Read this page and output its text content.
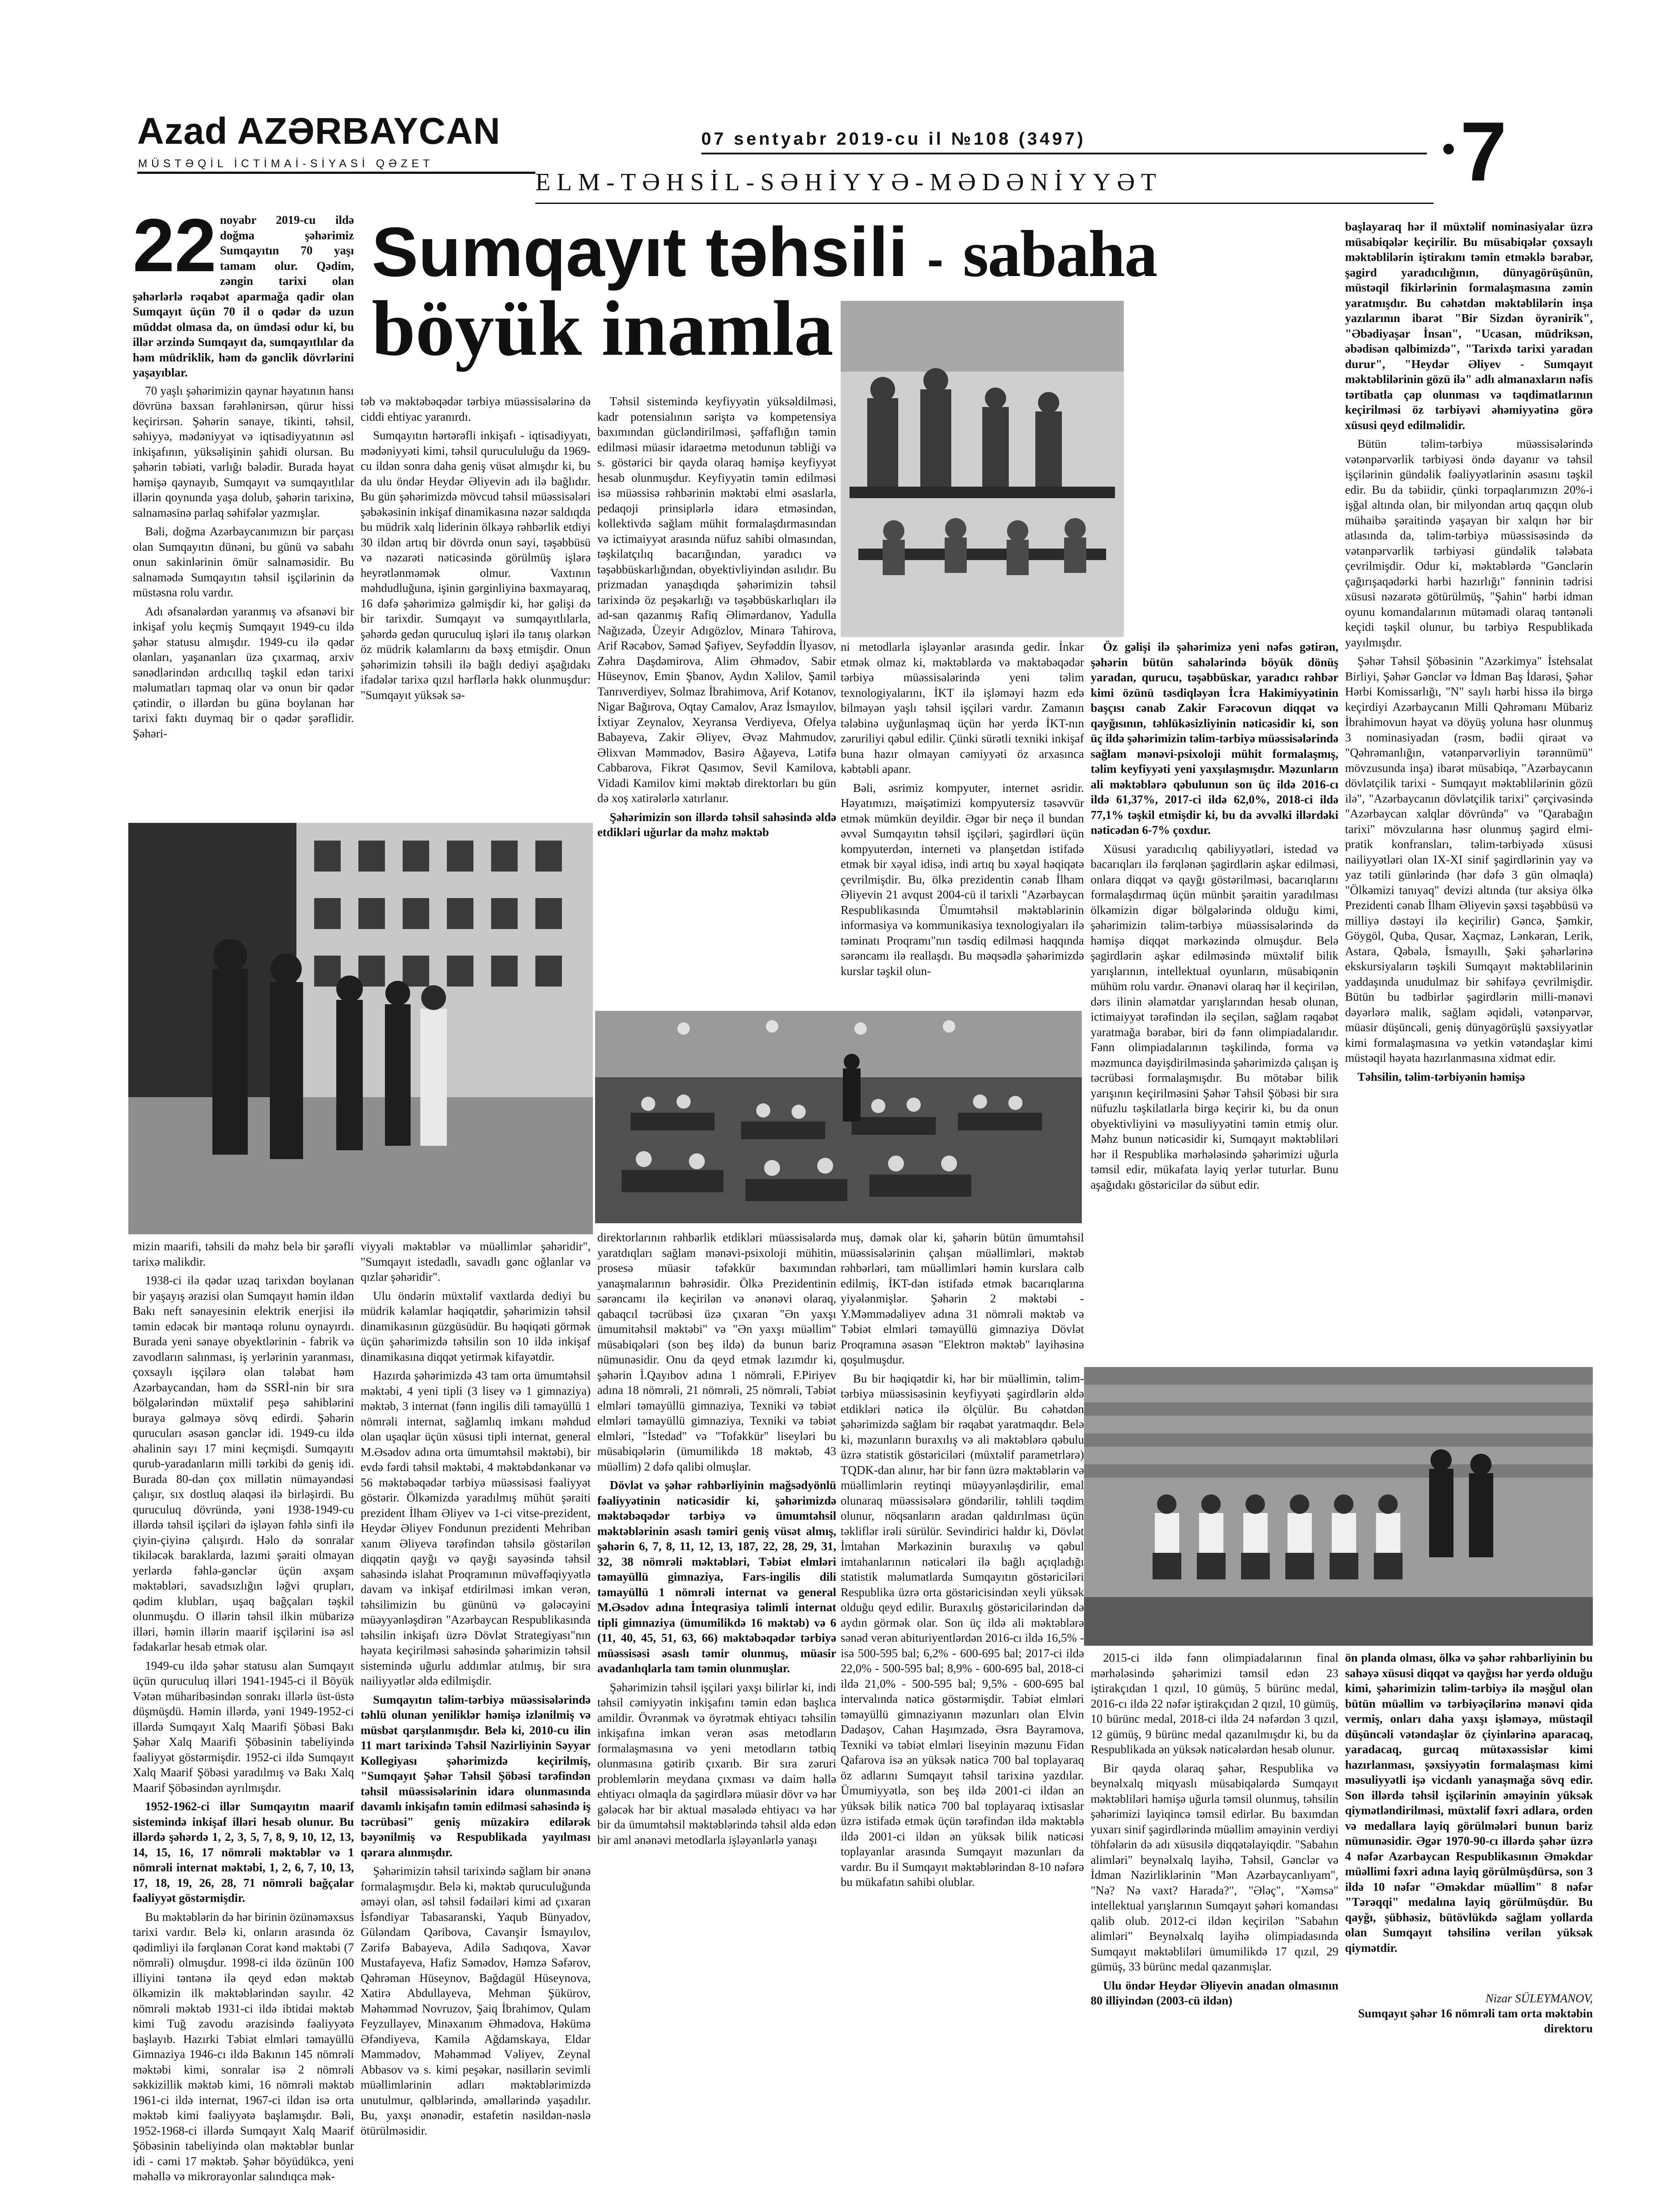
Azad AZƏRBAYCAN
MÜSTƏQİL İCTİMAİ-SİYASİ QƏZET
07 sentyabr 2019-cu il №108 (3497)	7
ELM-TƏHSİL-SƏHİYYƏ-MƏDƏNİYYƏT
Sumqayıt təhsili - sabaha
böyük inamla

22 noyabr 2019-cu ildə doğma şəhərimiz Sumqayıtın 70 yaşı tamam olur. Qədim, zəngin tarixi olan şəhərlərlə rəqabət aparmağa qadir olan Sumqayıt üçün 70 il o qədər də uzun müddət olmasa da, on ümdəsi odur ki, bu illər ərzində Sumqayıt da, sumqayıtlılar da həm müdriklik, həm də gənclik dövrlərini yaşayıblar.

70 yaşlı şəhərimizin qaynar həyatının hansı dövrünə baxsan fərəhlənirsən, qürur hissi keçirirsən. Şəhərin sənaye, tikinti, təhsil, səhiyyə, mədəniyyət və iqtisadiyyatının əsl inkişafının, yüksəlişinin şahidi olursan. Bu şəhərin təbiəti, varlığı bələdir. Burada həyat həmişə qaynayıb, Sumqayıt və sumqayıtlılar illərin qoynunda yaşa dolub, şəhərin tarixinə, salnaməsinə parlaq səhifələr yazmışlar.

Bəli, doğma Azərbaycanımızın bir parçası olan Sumqayıtın dünəni, bu günü və sabahı onun sakinlərinin ömür salnaməsidir. Bu salnamədə Sumqayıtın təhsil işçilərinin də müstəsna rolu vardır.

Adı əfsanələrdən yaranmış və əfsanəvi bir inkişaf yolu keçmiş Sumqayıt 1949-cu ildə şəhər statusu almışdır. 1949-cu ilə qədər olanları, yaşananları üzə çıxarmaq, arxiv sənədlərindən ardıcıllıq təşkil edən tarixi məlumatları tapmaq olar və onun bir qədər çətindir, o illərdən bu günə boylanan hər tarixi faktı duymaq bir o qədər şərəflidir. Şəhəri-

mizin maarifi, təhsili də məhz belə bir şərəfli tarixə malikdir.

1938-ci ilə qədər uzaq tarixdən boylanan bir yaşayış ərazisi olan Sumqayıt həmin ildən Bakı neft sənayesinin elektrik enerjisi ilə təmin edəcək bir məntəqə rolunu oynayırdı. Burada yeni sənaye obyektlərinin - fabrik və zavodların salınması, iş yerlərinin yaranması, çoxsaylı işçilərə olan tələbat həm Azərbaycandan, həm də SSRİ-nin bir sıra bölgələrindən müxtəlif peşə sahiblərini buraya gəlməyə sövq edirdi. Şəhərin qurucuları əsasən gənclər idi. 1949-cu ildə əhalinin sayı 17 mini keçmişdi. Sumqayıtı qurub-yaradanların milli tərkibi də geniş idi. Burada 80-dən çox millətin nümayəndəsi çalışır, sıx dostluq əlaqəsi ilə birləşirdi. Bu quruculuq dövründə, yəni 1938-1949-cu illərdə təhsil işçiləri də işləyən fəhlə sinfi ilə çiyin-çiyinə çalışırdı. Həlo də sonralar tikiləcək baraklarda, lazımi şəraiti olmayan yerlərdə fəhlə-gənclər üçün axşam məktəbləri, savadsızlığın ləğvi qrupları, qədim klubları, uşaq bağçaları təşkil olunmuşdu. O illərin təhsil ilkin mübarizə illəri, həmin illərin maarif işçilərini isə əsl fədakarlar hesab etmək olar.

1949-cu ildə şəhər statusu alan Sumqayıt üçün quruculuq illəri 1941-1945-ci il Böyük Vətən müharibəsindən sonrakı illərlə üst-üstə düşmüşdü. Həmin illərdə, yəni 1949-1952-ci illərdə Sumqayıt Xalq Maarifi Şöbəsi Bakı Şəhər Xalq Maarifi Şöbəsinin tabeliyində fəaliyyət göstərmişdir. 1952-ci ildə Sumqayıt Xalq Maarif Şöbəsi yaradılmış və Bakı Xalq Maarif Şöbəsindən ayrılmışdır.

1952-1962-ci illər Sumqayıtın maarif sistemində inkişaf illəri hesab olunur. Bu illərdə şəhərdə 1, 2, 3, 5, 7, 8, 9, 10, 12, 13, 14, 15, 16, 17 nömrəli məktəblər və 1 nömrəli internat məktəbi, 1, 2, 6, 7, 10, 13, 17, 18, 19, 26, 28, 71 nömrəli bağçalar fəaliyyət göstərmişdir.

Bu məktəblərin də hər birinin özünəməxsus tarixi vardır. Belə ki, onların arasında öz qədimliyi ilə fərqlənən Corat kənd məktəbi (7 nömrəli) olmuşdur. 1998-ci ildə özünün 100 illiyini təntənə ilə qeyd edən məktəb ölkəmizin ilk məktəblərindən sayılır. 42 nömrəli məktəb 1931-ci ildə ibtidai məktəb kimi Tuğ zavodu ərazisində fəaliyyətə başlayıb. Hazırki Təbiət elmləri təmayüllü Gimnaziya 1946-cı ildə Bakının 145 nömrəli məktəbi kimi, sonralar isə 2 nömrəli səkkizillik məktəb kimi, 16 nömrəli məktəb 1961-ci ildə internat, 1967-ci ildən isə orta məktəb kimi fəaliyyətə başlamışdır. Bəli, 1952-1968-ci illərdə Sumqayıt Xalq Maarif Şöbəsinin tabeliyində olan məktəblər bunlar idi - cəmi 17 məktəb. Şəhər böyüdükcə, yeni məhəllə və mikrorayonlar salındıqca mək-

təb və məktəbəqədər tərbiyə müəssisələrinə də ciddi ehtiyac yaranırdı.

Sumqayıtın hərtərəfli inkişafı - iqtisadiyyatı, mədəniyyəti kimi, təhsil qurucululuğu da 1969-cu ildən sonra daha geniş vüsət almışdır ki, bu da ulu öndər Heydər Əliyevin adı ilə bağlıdır. Bu gün şəhərimizdə mövcud təhsil müəssisələri şəbəkəsinin inkişaf dinamikasına nəzər saldıqda bu müdrik xalq liderinin ölkəyə rəhbərlik etdiyi 30 ildən artıq bir dövrdə onun səyi, təşəbbüsü və nəzarəti nəticəsində görülmüş işlərə heyrətlənməmək olmur. Vaxtının məhdudluğuna, işinin gərginliyinə baxmayaraq, 16 dəfə şəhərimizə gəlmişdir ki, hər gəlişi də bir tarixdir. Sumqayıt və sumqayıtlılarla, şəhərdə gedən quruculuq işləri ilə tanış olarkən öz müdrik kəlamlarını da bəxş etmişdir. Onun şəhərimizin təhsili ilə bağlı dediyi aşağıdakı ifadələr tarixə qızıl hərflərlə həkk olunmuşdur: "Sumqayıt yüksək sə-

viyyəli məktəblər və müəllimlər şəhəridir", "Sumqayıt istedadlı, savadlı gənc oğlanlar və qızlar şəhəridir".

Ulu öndərin müxtəlif vaxtlarda dediyi bu müdrik kəlamlar həqiqətdir, şəhərimizin təhsil dinamikasının güzgüsüdür. Bu həqiqəti görmək üçün şəhərimizdə təhsilin son 10 ildə inkişaf dinamikasına diqqət yetirmək kifayətdir.

Hazırda şəhərimizdə 43 tam orta ümumtəhsil məktəbi, 4 yeni tipli (3 lisey və 1 gimnaziya) məktəb, 3 internat (fənn ingilis dili təmayüllü 1 nömrəli internat, sağlamlıq imkanı məhdud olan uşaqlar üçün xüsusi tipli internat, general M.Əsədov adına orta ümumtəhsil məktəbi), bir evdə fərdi təhsil məktəbi, 4 məktəbdənkənar və 56 məktəbəqədər tərbiyə müəssisəsi fəaliyyət göstərir. Ölkəmizdə yaradılmış mühüt şəraiti prezident İlham Əliyev və 1-ci vitse-prezident, Heydər Əliyev Fondunun prezidenti Mehriban xanım Əliyeva tərəfindən təhsilə göstərilən diqqətin qayğı və qayğı sayəsində təhsil sahəsində islahat Proqramının müvəffəqiyyətlə davam və inkişaf etdirilməsi imkan verən, təhsilimizin bu gününü və gələcəyini müəyyənləşdirən "Azərbaycan Respublikasında təhsilin inkişafı üzrə Dövlət Strategiyası"nın həyata keçirilməsi sahəsində şəhərimizin təhsil sistemində uğurlu addımlar atılmış, bir sıra nailiyyətlər əldə edilmişdir.

Sumqayıtın təlim-tərbiyə müəssisələrində təhlü olunan yeniliklər həmişə izlənilmiş və müsbət qarşılanmışdır. Belə ki, 2010-cu ilin 11 mart tarixində Təhsil Nazirliyinin Səyyar Kollegiyası şəhərimizdə keçirilmiş, "Sumqayıt Şəhər Təhsil Şöbəsi tərəfindən təhsil müəssisələrinin idarə olunmasında davamlı inkişafın təmin edilməsi sahəsində iş təcrübəsi" geniş müzakirə edilərək bəyənilmiş və Respublikada yayılması qərara alınmışdır.

Şəhərimizin təhsil tarixində sağlam bir ənənə formalaşmışdır. Belə ki, məktəb quruculuğunda əməyi olan, əsl təhsil fədailəri kimi ad çıxaran İsfəndiyar Tabasaranski, Yaqub Bünyadov, Güləndam Qəribova, Cavanşir İsmayılov, Zərifə Babayeva, Adilə Sadıqova, Xavər Mustafayeva, Hafiz Səmədov, Həmzə Səfərov, Qəhrəman Hüseynov, Bağdagül Hüseynova, Xatirə Abdullayeva, Mehman Şükürov, Məhəmməd Novruzov, Şaiq İbrahimov, Qulam Feyzullayev, Minəxanım Əhmədova, Həkümə Əfəndiyeva, Kamilə Ağdamskaya, Eldar Məmmədov, Məhəmməd Vəliyev, Zeynal Abbasov və s. kimi peşəkar, nəsillərin sevimli müəllimlərinin adları məktəblərimizdə unutulmur, qəlblərində, əməllərində yaşadılır. Bu, yaxşı ənənədir, estafetin nəsildən-nəslə ötürülməsidir.

Təhsil sistemində keyfiyyətin yüksəldilməsi, kadr potensialının səriştə və kompetensiya baxımından gücləndirilməsi, şəffaflığın təmin edilməsi müasir idarəetmə metodunun təbliği və s. göstərici bir qayda olaraq həmişə keyfiyyət hesab olunmuşdur. Keyfiyyətin təmin edilməsi isə müəssisə rəhbərinin məktəbi elmi əsaslarla, pedaqoji prinsiplərlə idarə etməsindən, kollektivdə sağlam mühit formalaşdırmasından və ictimaiyyət arasında nüfuz sahibi olmasından, təşkilatçılıq bacarığından, yaradıcı və təşəbbüskarlığından, obyektivliyindən asılıdır. Bu prizmadan yanaşdıqda şəhərimizin təhsil tarixində öz peşəkarlığı və təşəbbüskarlıqları ilə ad-san qazanmış Rafiq Əlimərdanov, Yadulla Nağızadə, Üzeyir Adıgözlov, Minarə Tahirova, Arif Rəcəbov, Səməd Şəfiyev, Seyfəddin İlyasov, Zəhra Daşdəmirova, Alim Əhmədov, Sabir Hüseynov, Emin Şbanov, Aydın Xəlilov, Şamil Tanrıverdiyev, Solmaz İbrahimova, Arif Kotanov, Nigar Bağırova, Oqtay Camalov, Araz İsmayılov, İxtiyar Zeynalov, Xeyransa Verdiyeva, Ofelya Babayeva, Zakir Əliyev, Əvəz Mahmudov, Əlixvan Məmmədov, Bəsirə Ağayeva, Lətifə Cabbarova, Fikrət Qasımov, Sevil Kamilova, Vidadi Kamilov kimi məktəb direktorları bu gün də xoş xatirələrlə xatırlanır.

Şəhərimizin son illərdə təhsil sahəsində əldə etdikləri uğurlar da məhz məktəb

direktorlarının rəhbərlik etdikləri müəssisələrdə yaratdıqları sağlam mənəvi-psixoloji mühitin, prosesə müasir təfəkkür baxımından yanaşmalarının bəhrəsidir. Ölkə Prezidentinin sərəncamı ilə keçirilən və ənənəvi olaraq, qabaqcıl təcrübəsi üzə çıxaran "Ən yaxşı ümumitəhsil məktəbi" və "Ən yaxşı müəllim" müsabiqələri (son beş ildə) də bunun bariz nümunəsidir. Onu da qeyd etmək lazımdır ki, şəhərin İ.Qayıbov adına 1 nömrəli, F.Piriyev adına 18 nömrəli, 21 nömrəli, 25 nömrəli, Təbiət elmləri təmayüllü gimnaziya, Texniki və təbiət elmləri təmayüllü gimnaziya, Texniki və təbiət elmləri, "İstedad" və "Tofəkkür" liseyləri bu müsabiqələrin (ümumilikdə 18 məktəb, 43 müəllim) 2 dəfə qalibi olmuşlar.

Dövlət və şəhər rəhbərliyinin mağsədyönlü fəaliyyətinin nəticəsidir ki, şəhərimizdə məktəbəqədər tərbiyə və ümumtəhsil məktəblərinin əsaslı təmiri geniş vüsət almış, şəhərin 6, 7, 8, 11, 12, 13, 187, 22, 28, 29, 31, 32, 38 nömrəli məktəbləri, Təbiət elmləri təmayüllü gimnaziya, Fars-ingilis dili təmayüllü 1 nömrəli internat və general M.Əsədov adına İnteqrasiya təlimli internat tipli gimnaziya (ümumilikdə 16 məktəb) və 6 (11, 40, 45, 51, 63, 66) məktəbəqədər tərbiyə müəssisəsi əsaslı təmir olunmuş, müasir avadanlıqlarla tam təmin olunmuşlar.

Şəhərimizin təhsil işçiləri yaxşı bilirlər ki, indi təhsil cəmiyyətin inkişafını təmin edən başlıca amildir. Övrənmək və öyrətmək ehtiyacı təhsilin inkişafına imkan verən əsas metodların formalaşmasına və yeni metodların tətbiq olunmasına gətirib çıxarıb. Bir sıra zəruri problemlərin meydana çıxması və daim həllə ehtiyacı olmaqla da şagirdlərə müasir dövr və hər gələcək hər bir aktual məsələdə ehtiyacı və hər bir da ümumtəhsil məktəblərində təhsil əldə edən bir aml ənənəvi metodlarla işləyənlərlə yanaşı

ni metodlarla işləyənlər arasında gedir. İnkar etmək olmaz ki, məktəblərdə və məktəbəqədər tərbiyə müəssisələrində yeni təlim texnologiyalarını, İKT ilə işləməyi həzm edə bilməyən yaşlı təhsil işçiləri vardır. Zamanın tələbinə uyğunlaşmaq üçün hər yerdə İKT-nın zəruriliyi qəbul edilir. Çünki sürətli texniki inkişaf buna hazır olmayan cəmiyyəti öz arxasınca kəbtəbli apanr.

Bəli, əsrimiz kompyuter, internet əsridir. Həyatımızı, məişətimizi kompyutersiz təsəvvür etmək mümkün deyildir. Əgər bir neçə il bundan əvvəl Sumqayıtın təhsil işçiləri, şagirdləri üçün kompyuterdən, interneti və planşetdən istifadə etmək bir xəyal idisə, indi artıq bu xəyal həqiqətə çevrilmişdir. Bu, ölkə prezidentin cənab İlham Əliyevin 21 avqust 2004-cü il tarixli "Azərbaycan Respublikasında Ümumtəhsil məktəblərinin informasiya və kommunikasiya texnologiyaları ilə təminatı Proqramı"nın təsdiq edilməsi haqqında sərəncamı ilə reallaşdı. Bu məqsədlə şəhərimizdə kurslar təşkil olun-

muş, dəmək olar ki, şəhərin bütün ümumtəhsil müəssisələrinin çalışan müəllimləri, məktəb rəhbərləri, tam müəllimləri həmin kurslara cəlb edilmiş, İKT-dən istifadə etmək bacarıqlarına yiyələnmişlər. Şəhərin 2 məktəbi - Y.Məmmədəliyev adına 31 nömrəli məktəb və Təbiət elmləri təmayüllü gimnaziya Dövlət Proqramına əsasən "Elektron məktəb" layihəsinə qoşulmuşdur.

Bu bir həqiqətdir ki, hər bir müəllimin, təlim-tərbiyə müəssisəsinin keyfiyyəti şagirdlərin əldə etdikləri nəticə ilə ölçülür. Bu cəhətdən şəhərimizdə sağlam bir rəqabət yaratmaqdır. Belə ki, məzunların buraxılış və ali məktəblərə qəbulu üzrə statistik göstəriciləri (müxtəlif parametrlərə) TQDK-dan alınır, hər bir fənn üzrə məktəblərin və müəllimlərin reytinqi müəyyənləşdirilir, emal olunaraq müəssisələrə göndərilir, təhlili təqdim olunur, nöqsanların aradan qaldırılması üçün təkliflər irəli sürülür. Sevindirici haldır ki, Dövlət İmtahan Mərkəzinin buraxılış və qəbul imtahanlarının nəticələri ilə bağlı açıqladığı statistik məlumatlarda Sumqayıtın göstəriciləri Respublika üzrə orta göstəricisindən xeyli yüksək olduğu qeyd edilir. Buraxılış göstəricilərindən də aydın görmək olar. Son üç ildə ali məktəblərə sənəd verən abituriyentlərdən 2016-cı ildə 16,5% - isə 500-595 bal; 6,2% - 600-695 bal; 2017-ci ildə 22,0% - 500-595 bal; 8,9% - 600-695 bal, 2018-ci ildə 21,0% - 500-595 bal; 9,5% - 600-695 bal intervalında nəticə göstərmişdir. Təbiət elmləri təmayüllü gimnaziyanın məzunları olan Elvin Dadaşov, Cahan Haşımzadə, Əsra Bayramova, Texniki və təbiət elmləri liseyinin məzunu Fidan Qafarova isə ən yüksək nəticə 700 bal toplayaraq öz adlarını Sumqayıt təhsil tarixinə yazdılar. Ümumiyyətlə, son beş ildə 2001-ci ildən ən yüksək bilik nəticə 700 bal toplayaraq ixtisaslar üzrə istifadə etmək üçün tərəfindən ildə məktəblə ildə 2001-ci ildən ən yüksək bilik nəticəsi toplayanlar arasında Sumqayıt məzunları da vardır. Bu il Sumqayıt məktəblərindən 8-10 nəfərə bu mükafatın sahibi olublar.

Öz gəlişi ilə şəhərimizə yeni nəfəs gətirən, şəhərin bütün sahələrində böyük dönüş yaradan, qurucu, təşəbbüskar, yaradıcı rəhbər kimi özünü təsdiqləyən İcra Hakimiyyətinin başçısı cənab Zakir Fərəcovun diqqət və qayğısının, təhlükəsizliyinin nəticəsidir ki, son üç ildə şəhərimizin təlim-tərbiyə müəssisələrində sağlam mənəvi-psixoloji mühit formalaşmış, təlim keyfiyyəti yeni yaxşılaşmışdır. Məzunların ali məktəblərə qəbulunun son üç ildə 2016-cı ildə 61,37%, 2017-ci ildə 62,0%, 2018-ci ildə 77,1% təşkil etmişdir ki, bu da əvvəlki illərdəki nəticədən 6-7% çoxdur.

Xüsusi yaradıcılıq qabiliyyətləri, istedad və bacarıqları ilə fərqlənən şagirdlərin aşkar edilməsi, onlara diqqət və qayğı göstərilməsi, bacarıqlarını formalaşdırmaq üçün münbit şəraitin yaradılması ölkəmizin digər bölgələrində olduğu kimi, şəhərimizin təlim-tərbiyə müəssisələrində də həmişə diqqət mərkəzində olmuşdur. Belə şagirdlərin aşkar edilməsində müxtəlif bilik yarışlarının, intellektual oyunların, müsabiqənin mühüm rolu vardır. Ənənəvi olaraq hər il keçirilən, dərs ilinin əlamətdar yarışlarından hesab olunan, ictimaiyyət tərəfindən ilə seçilən, sağlam rəqabət yaratmağa bərabər, biri də fənn olimpiadalarıdır. Fənn olimpiadalarının təşkilində, forma və məzmunca dəyişdirilməsində şəhərimizdə çalışan iş təcrübəsi formalaşmışdır. Bu mötəbər bilik yarışının keçirilməsini Şəhər Təhsil Şöbəsi bir sıra nüfuzlu təşkilatlarla birgə keçirir ki, bu da onun obyektivliyini və məsuliyyətini təmin etmiş olur. Məhz bunun nəticəsidir ki, Sumqayıt məktəbliləri hər il Respublika mərhələsində şəhərimizi uğurla təmsil edir, mükafata layiq yerlər tuturlar. Bunu aşağıdakı göstəricilər də sübut edir.

2015-ci ildə fənn olimpiadalarının final mərhələsində şəhərimizi təmsil edən 23 iştirakçıdan 1 qızıl, 10 gümüş, 5 bürünc medal, 2016-cı ildə 22 nəfər iştirakçıdan 2 qızıl, 10 gümüş, 10 bürünc medal, 2018-ci ildə 24 nəfərdən 3 qızıl, 12 gümüş, 9 bürünc medal qazanılmışdır ki, bu da Respublikada ən yüksək nəticələrdən hesab olunur.

Bir qayda olaraq şəhər, Respublika və beynəlxalq miqyaslı müsabiqələrdə Sumqayıt məktəbliləri həmişə uğurla təmsil olunmuş, təhsilin şəhərimizi layiqincə təmsil edirlər. Bu baxımdan yuxarı sinif şagirdlərində müəllim əməyinin verdiyi töhfələrin də adı xüsusilə diqqətəlayiqdir. "Sabahın alimləri" beynəlxalq layihə, Təhsil, Gənclər və İdman Nazirliklərinin "Mən Azərbaycanlıyam", "Nə? Nə vaxt? Harada?", "Ələç", "Xəmsə" intellektual yarışlarının Sumqayıt şəhəri komandası qalib olub. 2012-ci ildən keçirilən "Sabahın alimləri" Beynəlxalq layihə olimpiadasında Sumqayıt məktəbliləri ümumilikdə 17 qızıl, 29 gümüş, 33 bürünc medal qazanmışlar.

Ulu öndər Heydər Əliyevin anadan olmasının 80 illiyindən (2003-cü ildən)

başlayaraq hər il müxtəlif nominasiyalar üzrə müsabiqələr keçirilir. Bu müsabiqələr çoxsaylı məktəblilərin iştirakını təmin etməklə bərabər, şagird yaradıcılığının, dünyagörüşünün, müstəqil fikirlərinin formalaşmasına zəmin yaratmışdır. Bu cəhətdən məktəblilərin inşa yazılarının ibarət "Bir Sizdən öyrənirik", "Əbədiyaşar İnsan", "Ucasan, müdriksən, əbədisən qəlbimizdə", "Tarixdə tarixi yaradan durur", "Heydər Əliyev - Sumqayıt məktəblilərinin gözü ilə" adlı almanaxların nəfis tərtibatla çap olunması və təqdimatlarının keçirilməsi öz tərbiyəvi əhəmiyyətinə görə xüsusi qeyd edilməlidir.

Bütün təlim-tərbiyə müəssisələrində vətənpərvərlik tərbiyəsi öndə dayanır və təhsil işçilərinin gündəlik fəaliyyətlərinin əsasını təşkil edir. Bu da təbiidir, çünki torpaqlarımızın 20%-i işğal altında olan, bir milyondan artıq qaçqın olub mühaibə şəraitində yaşayan bir xalqın hər bir atlasında da, təlim-tərbiyə müəssisəsində də vətənpərvərlik tərbiyəsi gündəlik tələbata çevrilmişdir. Odur ki, məktəblərdə "Gənclərin çağırışaqədərki hərbi hazırlığı" fənninin tədrisi xüsusi nəzarətə götürülmüş, "Şahin" hərbi idman oyunu komandalarının mütəmadi olaraq təntənəli keçidi təşkil olunur, bu tərbiyə Respublikada yayılmışdır.

Şəhər Təhsil Şöbəsinin "Azərkimya" İstehsalat Birliyi, Şəhər Gənclər və İdman Baş İdarəsi, Şəhər Hərbi Komissarlığı, "N" saylı hərbi hissə ilə birgə keçirdiyi Azərbaycanın Milli Qəhrəmanı Mübariz İbrahimovun həyat və döyüş yoluna həsr olunmuş 3 nominasiyadan (rəsm, bədii qiraət və "Qəhrəmanlığın, vətənpərvərliyin tərənnümü" mövzusunda inşa) ibarət müsabiqə, "Azərbaycanın dövlətçilik tarixi - Sumqayıt məktəblilərinin gözü ilə", "Azərbaycanın dövlətçilik tarixi" çərçivəsində "Azərbaycan xalqlar dövründə" və "Qarabağın tarixi" mövzularına həsr olunmuş şagird elmi-pratik konfransları, təlim-tərbiyədə xüsusi nailiyyətləri olan IX-XI sinif şagirdlərinin yay və yaz tətili günlərində (hər dəfə 3 gün olmaqla) "Ölkəmizi tanıyaq" devizi altında (tur aksiya ölkə Prezidenti cənab İlham Əliyevin şəxsi təşəbbüsü və milliyə dəstəyi ilə keçirilir) Gəncə, Şəmkir, Göygöl, Quba, Qusar, Xaçmaz, Lənkəran, Lerik, Astara, Qəbələ, İsmayıllı, Şəki şəhərlərinə ekskursiyaların təşkili Sumqayıt məktəblilərinin yaddaşında unudulmaz bir səhifəyə çevrilmişdir. Bütün bu tədbirlər şagirdlərin milli-mənəvi dəyərlərə malik, sağlam əqidəli, vətənpərvər, müasir düşüncəli, geniş dünyagörüşlü şəxsiyyətlər kimi formalaşmasına və yetkin vətəndaşlar kimi müstəqil həyata hazırlanmasına xidmət edir.

Təhsilin, təlim-tərbiyənin həmişə

ön planda olması, ölkə və şəhər rəhbərliyinin bu sahəyə xüsusi diqqət və qayğısı hər yerdə olduğu kimi, şəhərimizin təlim-tərbiyə ilə məşğul olan bütün müəllim və tərbiyəçilərinə mənəvi qida vermiş, onları daha yaxşı işləməyə, müstəqil düşüncəli vətəndaşlar öz çiyinlərinə aparacaq, yaradacaq, gurcaq mütəxəssislər kimi hazırlanması, şəxsiyyətin formalaşması kimi məsuliyyətli işə vicdanlı yanaşmağa sövq edir. Son illərdə təhsil işçilərinin əməyinin yüksək qiymətləndirilməsi, müxtəlif fəxri adlara, orden və medallara layiq görülmələri bunun bariz nümunəsidir. Əgər 1970-90-cı illərdə şəhər üzrə 4 nəfər Azərbaycan Respublikasının Əməkdar müəllimi fəxri adına layiq görülmüşdürsə, son 3 ildə 10 nəfər "Əməkdar müəllim" 8 nəfər "Tərəqqi" medalına layiq görülmüşdür. Bu qayğı, şübhəsiz, bütövlükdə sağlam yollarda olan Sumqayıt təhsilinə verilən yüksək qiymətdir.

Nizar SÜLEYMANOV,
Sumqayıt şəhər 16 nömrəli tam orta məktəbin direktoru
